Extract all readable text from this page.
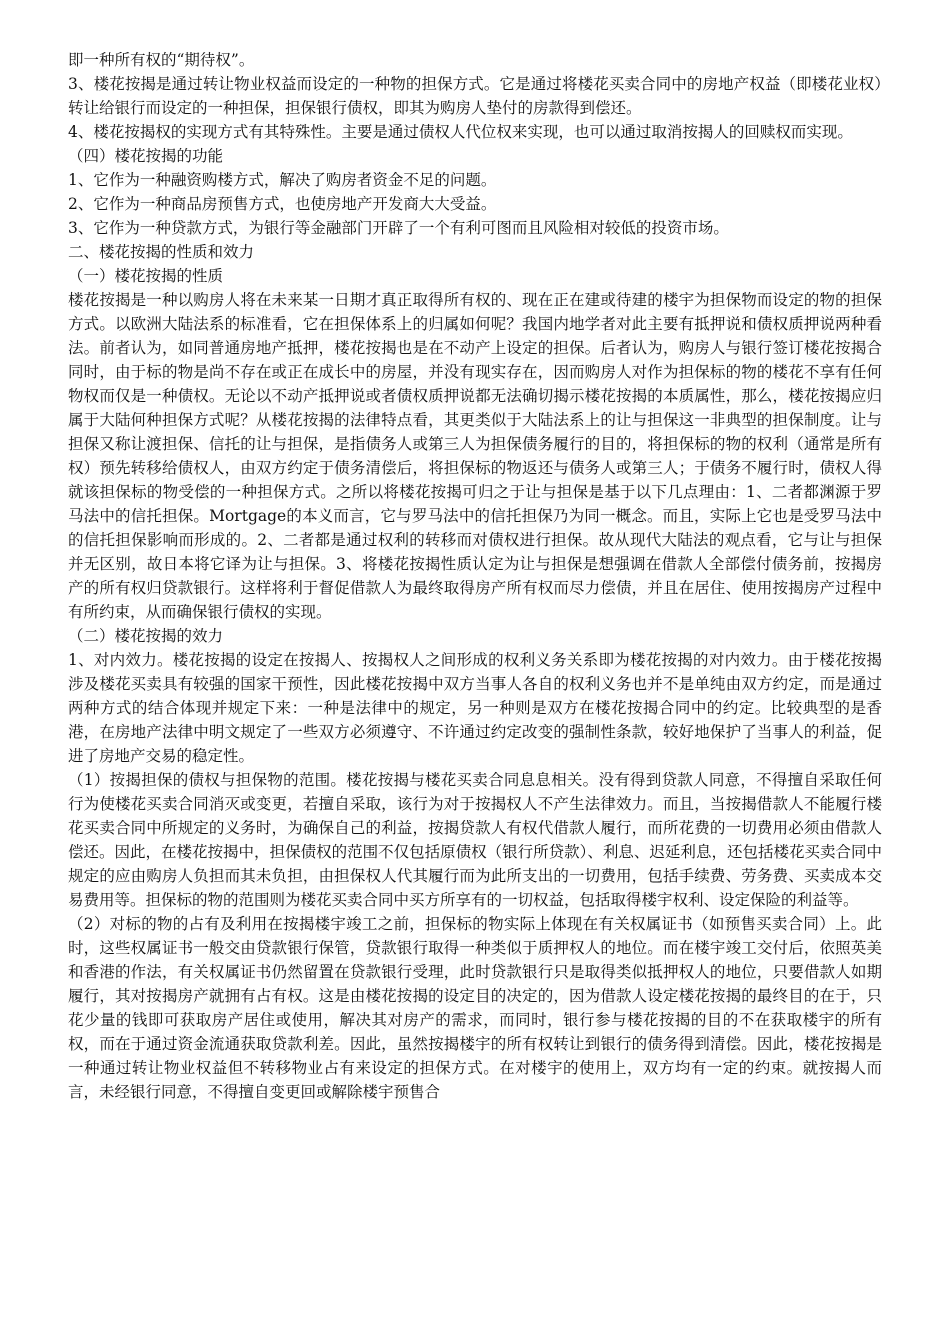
即一种所有权的“期待权”。

3、楼花按揭是通过转让物业权益而设定的一种物的担保方式。它是通过将楼花买卖合同中的房地产权益（即楼花业权）转让给银行而设定的一种担保，担保银行债权，即其为购房人垫付的房款得到偿还。

4、楼花按揭权的实现方式有其特殊性。主要是通过债权人代位权来实现，也可以通过取消按揭人的回赎权而实现。

（四）楼花按揭的功能

1、它作为一种融资购楼方式，解决了购房者资金不足的问题。

2、它作为一种商品房预售方式，也使房地产开发商大大受益。

3、它作为一种贷款方式，为银行等金融部门开辟了一个有利可图而且风险相对较低的投资市场。

二、楼花按揭的性质和效力

（一）楼花按揭的性质

楼花按揭是一种以购房人将在未来某一日期才真正取得所有权的、现在正在建或待建的楼宇为担保物而设定的物的担保方式。以欧洲大陆法系的标准看，它在担保体系上的归属如何呢？我国内地学者对此主要有抵押说和债权质押说两种看法。前者认为，如同普通房地产抵押，楼花按揭也是在不动产上设定的担保。后者认为，购房人与银行签订楼花按揭合同时，由于标的物是尚不存在或正在成长中的房屋，并没有现实存在，因而购房人对作为担保标的物的楼花不享有任何物权而仅是一种债权。无论以不动产抵押说或者债权质押说都无法确切揭示楼花按揭的本质属性，那么，楼花按揭应归属于大陆何种担保方式呢？从楼花按揭的法律特点看，其更类似于大陆法系上的让与担保这一非典型的担保制度。让与担保又称让渡担保、信托的让与担保，是指债务人或第三人为担保债务履行的目的，将担保标的物的权利（通常是所有权）预先转移给债权人，由双方约定于债务清偿后，将担保标的物返还与债务人或第三人；于债务不履行时，债权人得就该担保标的物受偿的一种担保方式。之所以将楼花按揭可归之于让与担保是基于以下几点理由：1、二者都渊源于罗马法中的信托担保。Mortgage的本义而言，它与罗马法中的信托担保乃为同一概念。而且，实际上它也是受罗马法中的信托担保影响而形成的。2、二者都是通过权利的转移而对债权进行担保。故从现代大陆法的观点看，它与让与担保并无区别，故日本将它译为让与担保。3、将楼花按揭性质认定为让与担保是想强调在借款人全部偿付债务前，按揭房产的所有权归贷款银行。这样将利于督促借款人为最终取得房产所有权而尽力偿债，并且在居住、使用按揭房产过程中有所约束，从而确保银行债权的实现。

（二）楼花按揭的效力

1、对内效力。楼花按揭的设定在按揭人、按揭权人之间形成的权利义务关系即为楼花按揭的对内效力。由于楼花按揭涉及楼花买卖具有较强的国家干预性，因此楼花按揭中双方当事人各自的权利义务也并不是单纯由双方约定，而是通过两种方式的结合体现并规定下来：一种是法律中的规定，另一种则是双方在楼花按揭合同中的约定。比较典型的是香港，在房地产法律中明文规定了一些双方必须遵守、不许通过约定改变的强制性条款，较好地保护了当事人的利益，促进了房地产交易的稳定性。

（1）按揭担保的债权与担保物的范围。楼花按揭与楼花买卖合同息息相关。没有得到贷款人同意，不得擅自采取任何行为使楼花买卖合同消灭或变更，若擅自采取，该行为对于按揭权人不产生法律效力。而且，当按揭借款人不能履行楼花买卖合同中所规定的义务时，为确保自己的利益，按揭贷款人有权代借款人履行，而所花费的一切费用必须由借款人偿还。因此，在楼花按揭中，担保债权的范围不仅包括原债权（银行所贷款）、利息、迟延利息，还包括楼花买卖合同中规定的应由购房人负担而其未负担，由担保权人代其履行而为此所支出的一切费用，包括手续费、劳务费、买卖成本交易费用等。担保标的物的范围则为楼花买卖合同中买方所享有的一切权益，包括取得楼宇权利、设定保险的利益等。

（2）对标的物的占有及利用在按揭楼宇竣工之前，担保标的物实际上体现在有关权属证书（如预售买卖合同）上。此时，这些权属证书一般交由贷款银行保管，贷款银行取得一种类似于质押权人的地位。而在楼宇竣工交付后，依照英美和香港的作法，有关权属证书仍然留置在贷款银行受理，此时贷款银行只是取得类似抵押权人的地位，只要借款人如期履行，其对按揭房产就拥有占有权。这是由楼花按揭的设定目的决定的，因为借款人设定楼花按揭的最终目的在于，只花少量的钱即可获取房产居住或使用，解决其对房产的需求，而同时，银行参与楼花按揭的目的不在获取楼宇的所有权，而在于通过资金流通获取贷款利差。因此，虽然按揭楼宇的所有权转让到银行的债务得到清偿。因此，楼花按揭是一种通过转让物业权益但不转移物业占有来设定的担保方式。在对楼宇的使用上，双方均有一定的约束。就按揭人而言，未经银行同意，不得擅自变更回或解除楼宇预售合
